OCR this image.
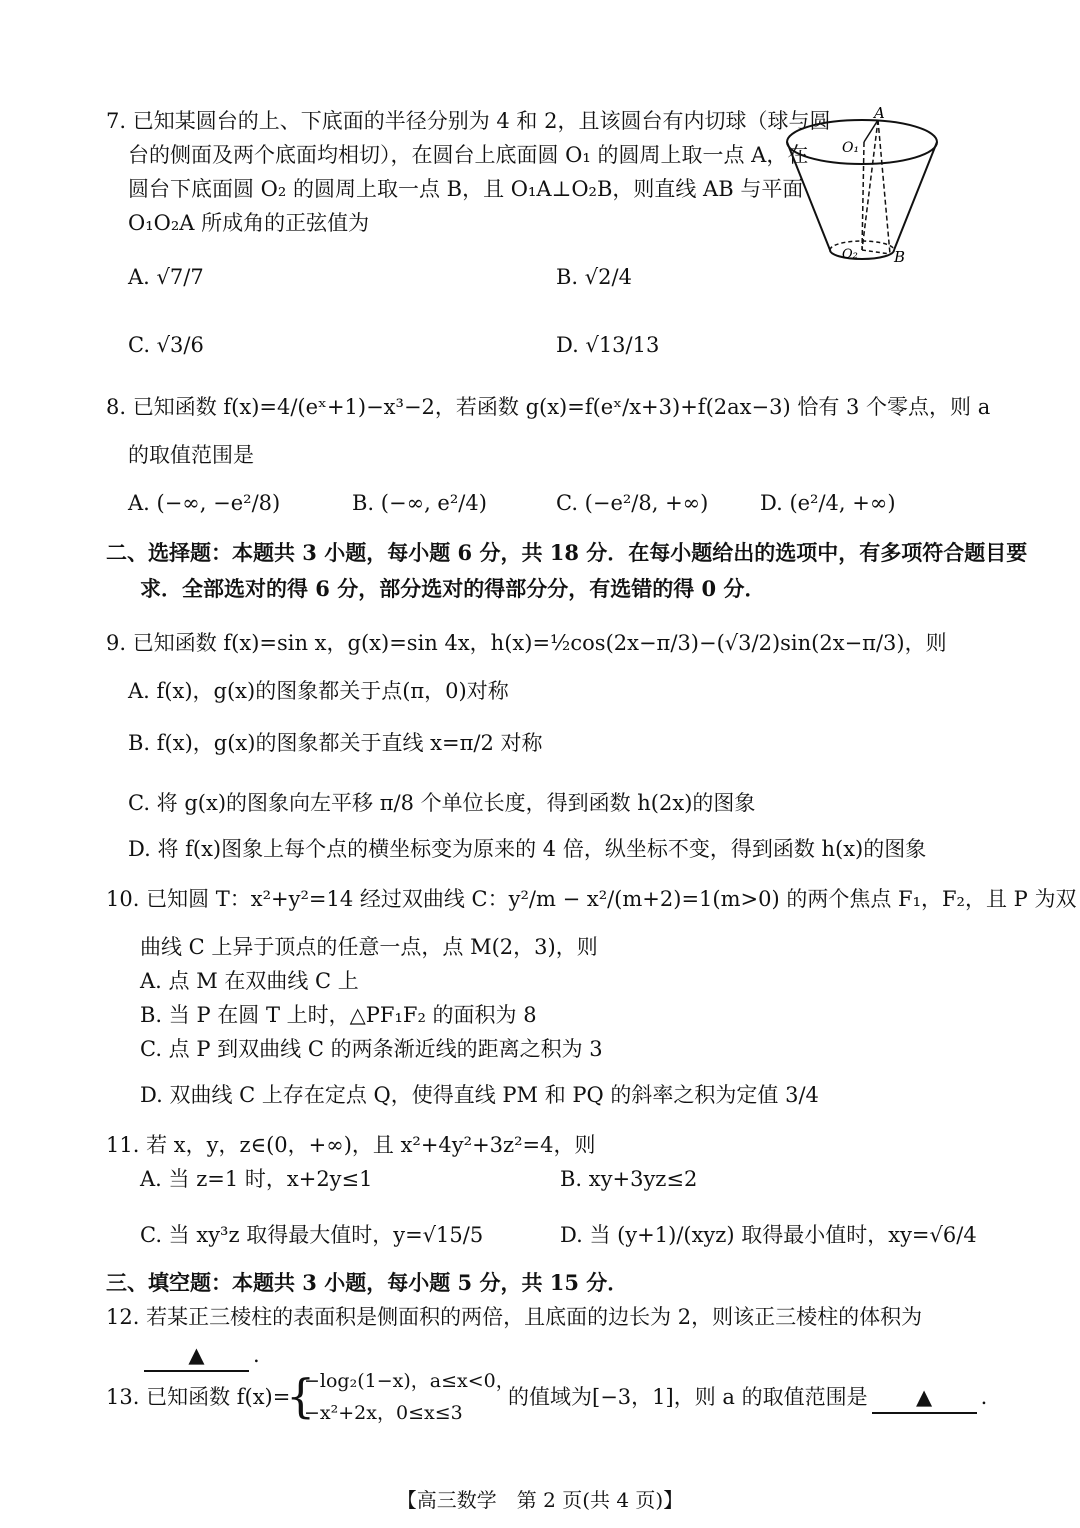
7. 已知某圆台的上、下底面的半径分别为 4 和 2，且该圆台有内切球（球与圆
台的侧面及两个底面均相切），在圆台上底面圆 O₁ 的圆周上取一点 A，在
圆台下底面圆 O₂ 的圆周上取一点 B，且 O₁A⊥O₂B，则直线 AB 与平面
O₁O₂A 所成角的正弦值为
A. √7/7	B. √2/4
C. √3/6	D. √13/13
A
O₁
O₂ B
8. 已知函数 f(x)=4/(eˣ+1)−x³−2，若函数 g(x)=f(eˣ/x+3)+f(2ax−3) 恰有 3 个零点，则 a
的取值范围是
A. (−∞, −e²/8)	B. (−∞, e²/4)	C. (−e²/8, +∞) D. (e²/4, +∞)
二、选择题：本题共 3 小题，每小题 6 分，共 18 分．在每小题给出的选项中，有多项符合题目要
求．全部选对的得 6 分，部分选对的得部分分，有选错的得 0 分．
9. 已知函数 f(x)=sin x，g(x)=sin 4x，h(x)=½cos(2x−π/3)−(√3/2)sin(2x−π/3)，则
A. f(x)，g(x)的图象都关于点(π，0)对称
B. f(x)，g(x)的图象都关于直线 x=π/2 对称
C. 将 g(x)的图象向左平移 π/8 个单位长度，得到函数 h(2x)的图象
D. 将 f(x)图象上每个点的横坐标变为原来的 4 倍，纵坐标不变，得到函数 h(x)的图象
10. 已知圆 T：x²+y²=14 经过双曲线 C：y²/m − x²/(m+2)=1(m>0) 的两个焦点 F₁，F₂，且 P 为双
曲线 C 上异于顶点的任意一点，点 M(2，3)，则
A. 点 M 在双曲线 C 上
B. 当 P 在圆 T 上时，△PF₁F₂ 的面积为 8
C. 点 P 到双曲线 C 的两条渐近线的距离之积为 3
D. 双曲线 C 上存在定点 Q，使得直线 PM 和 PQ 的斜率之积为定值 3/4
11. 若 x，y，z∈(0，+∞)，且 x²+4y²+3z²=4，则
A. 当 z=1 时，x+2y≤1	B. xy+3yz≤2
C. 当 xy³z 取得最大值时，y=√15/5	D. 当 (y+1)/(xyz) 取得最小值时，xy=√6/4
三、填空题：本题共 3 小题，每小题 5 分，共 15 分．
12. 若某正三棱柱的表面积是侧面积的两倍，且底面的边长为 2，则该正三棱柱的体积为
▲ .
13. 已知函数 f(x)=
{
−log₂(1−x)，a≤x<0，
−x²+2x，0≤x≤3
的值域为[−3，1]，则 a 的取值范围是 ▲ .
【高三数学　第 2 页(共 4 页)】
